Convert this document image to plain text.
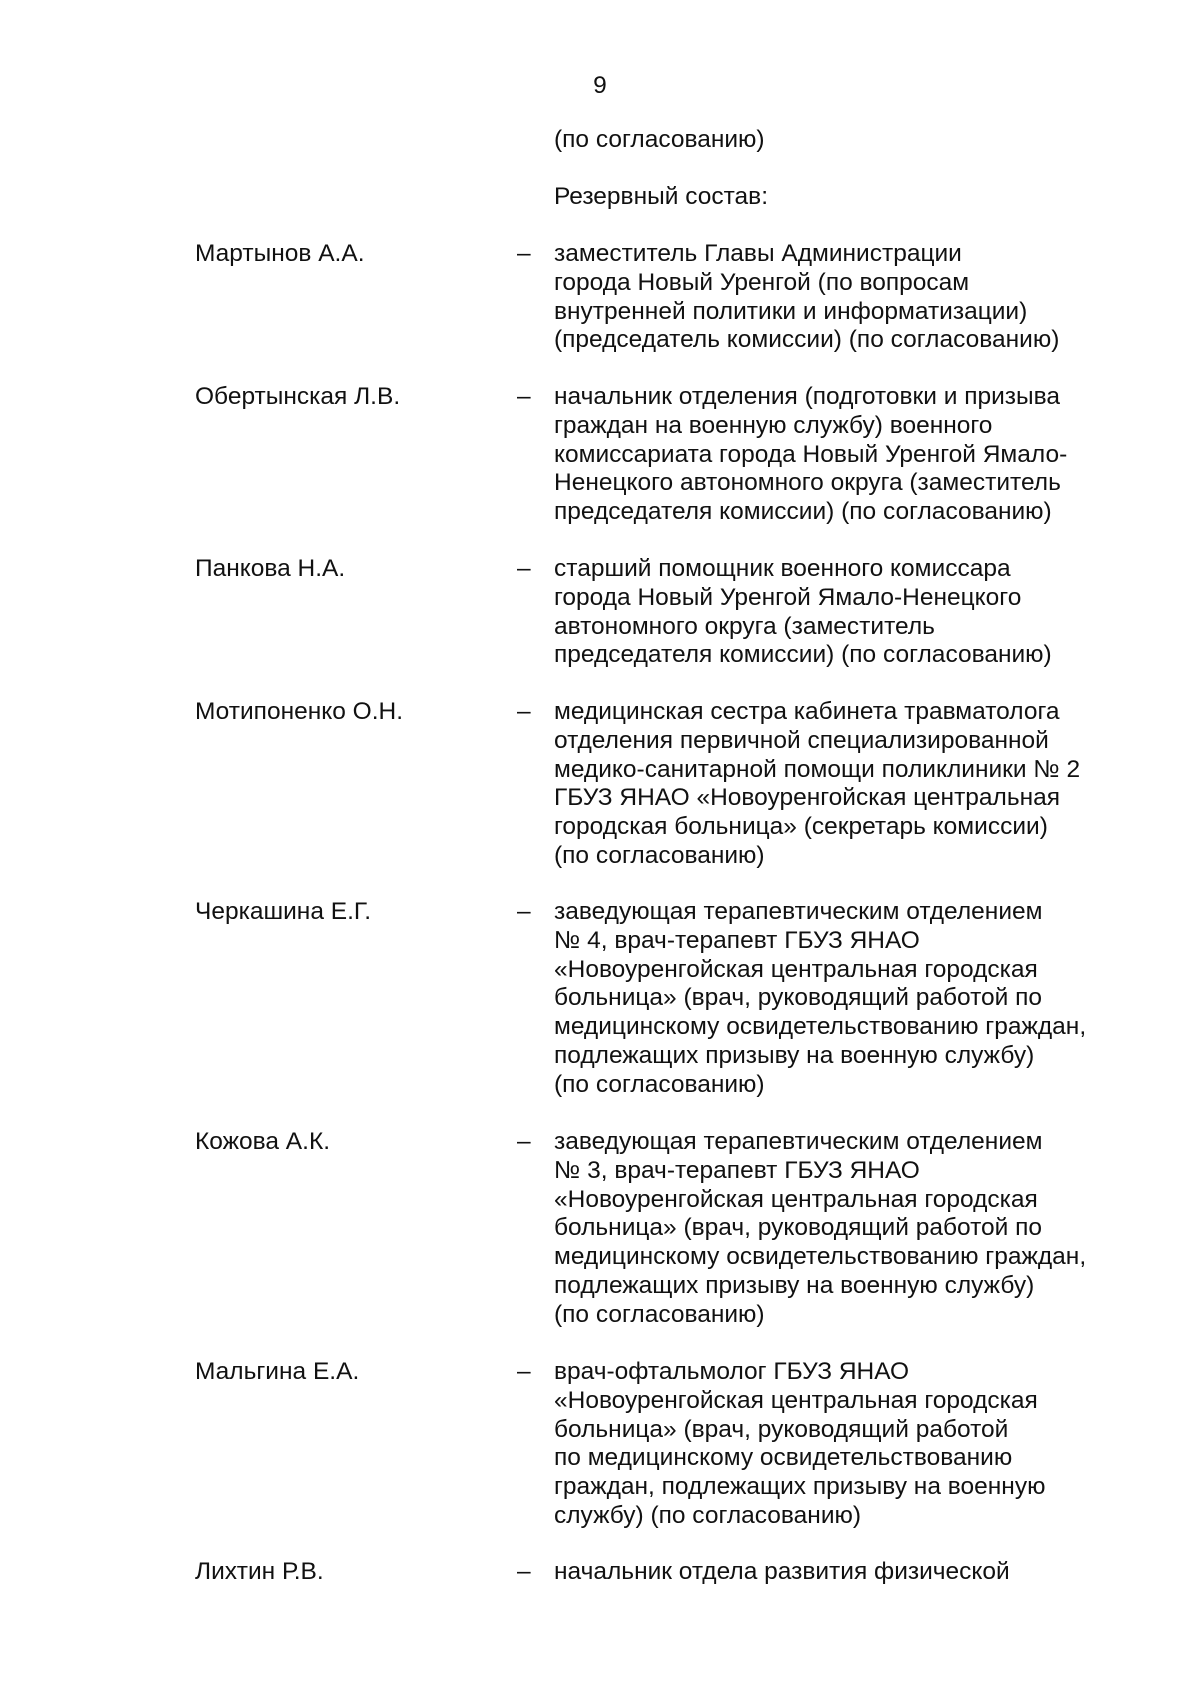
9
(по согласованию)
Резервный состав:
Мартынов А.А.	– заместитель Главы Администрации
города Новый Уренгой (по вопросам
внутренней политики и информатизации)
(председатель комиссии) (по согласованию)
Обертынская Л.В.	– начальник отделения (подготовки и призыва
граждан на военную службу) военного
комиссариата города Новый Уренгой Ямало-
Ненецкого автономного округа (заместитель
председателя комиссии) (по согласованию)
Панкова Н.А.	– старший помощник военного комиссара
города Новый Уренгой Ямало-Ненецкого
автономного округа (заместитель
председателя комиссии) (по согласованию)
Мотипоненко О.Н.	– медицинская сестра кабинета травматолога
отделения первичной специализированной
медико-санитарной помощи поликлиники № 2
ГБУЗ ЯНАО «Новоуренгойская центральная
городская больница» (секретарь комиссии)
(по согласованию)
Черкашина Е.Г.	– заведующая терапевтическим отделением
№ 4, врач-терапевт ГБУЗ ЯНАО
«Новоуренгойская центральная городская
больница» (врач, руководящий работой по
медицинскому освидетельствованию граждан,
подлежащих призыву на военную службу)
(по согласованию)
Кожова А.К.	– заведующая терапевтическим отделением
№ 3, врач-терапевт ГБУЗ ЯНАО
«Новоуренгойская центральная городская
больница» (врач, руководящий работой по
медицинскому освидетельствованию граждан,
подлежащих призыву на военную службу)
(по согласованию)
Мальгина Е.А.	– врач-офтальмолог ГБУЗ ЯНАО
«Новоуренгойская центральная городская
больница» (врач, руководящий работой
по медицинскому освидетельствованию
граждан, подлежащих призыву на военную
службу) (по согласованию)
Лихтин Р.В.	– начальник отдела развития физической
